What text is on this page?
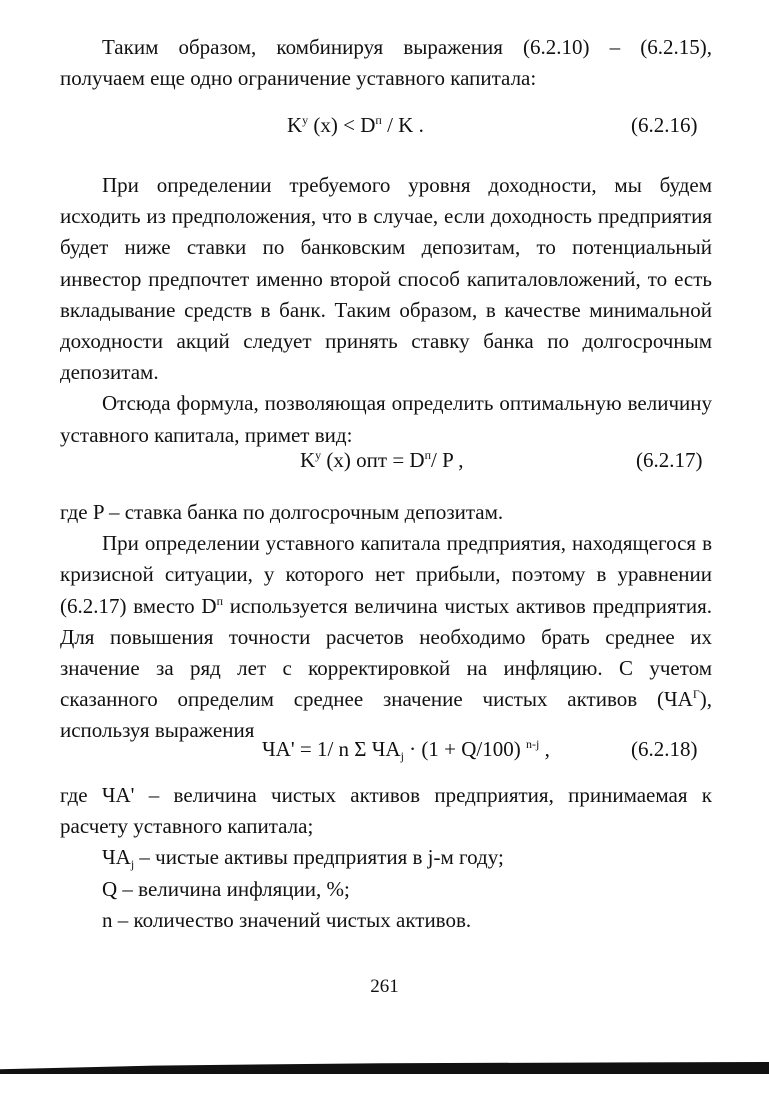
Таким образом, комбинируя выражения (6.2.10) – (6.2.15), получаем еще одно ограничение уставного капитала:
$K^у$ $(x) < D^п / K$ .	(6.2.16)

При определении требуемого уровня доходности, мы будем исходить из предположения, что в случае, если доходность предприятия будет ниже ставки по банковским депозитам, то потенциальный инвестор предпочтет именно второй способ капиталовложений, то есть вкладывание средств в банк. Таким образом, в качестве минимальной доходности акций следует принять ставку банка по долгосрочным депозитам.

Отсюда формула, позволяющая определить оптимальную величину уставного капитала, примет вид:

$K^у$ (x) опт = $D^п/$ P ,	(6.2.17)

где P – ставка банка по долгосрочным депозитам.

При определении уставного капитала предприятия, находящегося в кризисной ситуации, у которого нет прибыли, поэтому в уравнении (6.2.17) вместо $D^п$ используется величина чистых активов предприятия. Для повышения точности расчетов необходимо брать среднее их значение за ряд лет с корректировкой на инфляцию. С учетом сказанного определим среднее значение чистых активов $(ЧА^Г)$, используя выражения

ЧА' = 1/ n Σ $ЧА_j \cdot (1 + Q/100)$ $^{n-j}$ ,	(6.2.18)

где ЧА' – величина чистых активов предприятия, принимаемая к расчету уставного капитала;

$ЧА_j$ – чистые активы предприятия в j-м году;

Q – величина инфляции, %;

n – количество значений чистых активов.

261
